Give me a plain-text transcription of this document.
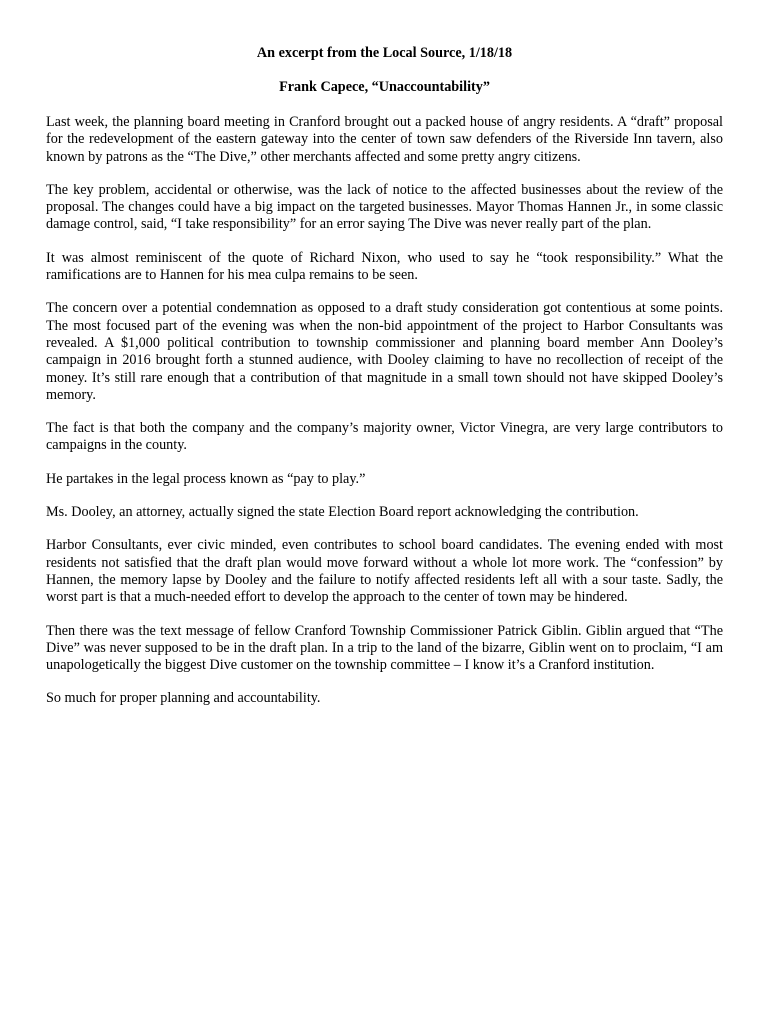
An excerpt from the Local Source, 1/18/18

Frank Capece, “Unaccountability”

Last week, the planning board meeting in Cranford brought out a packed house of angry residents. A “draft” proposal for the redevelopment of the eastern gateway into the center of town saw defenders of the Riverside Inn tavern, also known by patrons as the “The Dive,” other merchants affected and some pretty angry citizens.

The key problem, accidental or otherwise, was the lack of notice to the affected businesses about the review of the proposal. The changes could have a big impact on the targeted businesses. Mayor Thomas Hannen Jr., in some classic damage control, said, “I take responsibility” for an error saying The Dive was never really part of the plan.

It was almost reminiscent of the quote of Richard Nixon, who used to say he “took responsibility.” What the ramifications are to Hannen for his mea culpa remains to be seen.

The concern over a potential condemnation as opposed to a draft study consideration got contentious at some points. The most focused part of the evening was when the non-bid appointment of the project to Harbor Consultants was revealed. A $1,000 political contribution to township commissioner and planning board member Ann Dooley’s campaign in 2016 brought forth a stunned audience, with Dooley claiming to have no recollection of receipt of the money. It’s still rare enough that a contribution of that magnitude in a small town should not have skipped Dooley’s memory.

The fact is that both the company and the company’s majority owner, Victor Vinegra, are very large contributors to campaigns in the county.

He partakes in the legal process known as “pay to play.”

Ms. Dooley, an attorney, actually signed the state Election Board report acknowledging the contribution.

Harbor Consultants, ever civic minded, even contributes to school board candidates. The evening ended with most residents not satisfied that the draft plan would move forward without a whole lot more work. The “confession” by Hannen, the memory lapse by Dooley and the failure to notify affected residents left all with a sour taste. Sadly, the worst part is that a much-needed effort to develop the approach to the center of town may be hindered.

Then there was the text message of fellow Cranford Township Commissioner Patrick Giblin. Giblin argued that “The Dive” was never supposed to be in the draft plan. In a trip to the land of the bizarre, Giblin went on to proclaim, “I am unapologetically the biggest Dive customer on the township committee – I know it’s a Cranford institution.

So much for proper planning and accountability.
